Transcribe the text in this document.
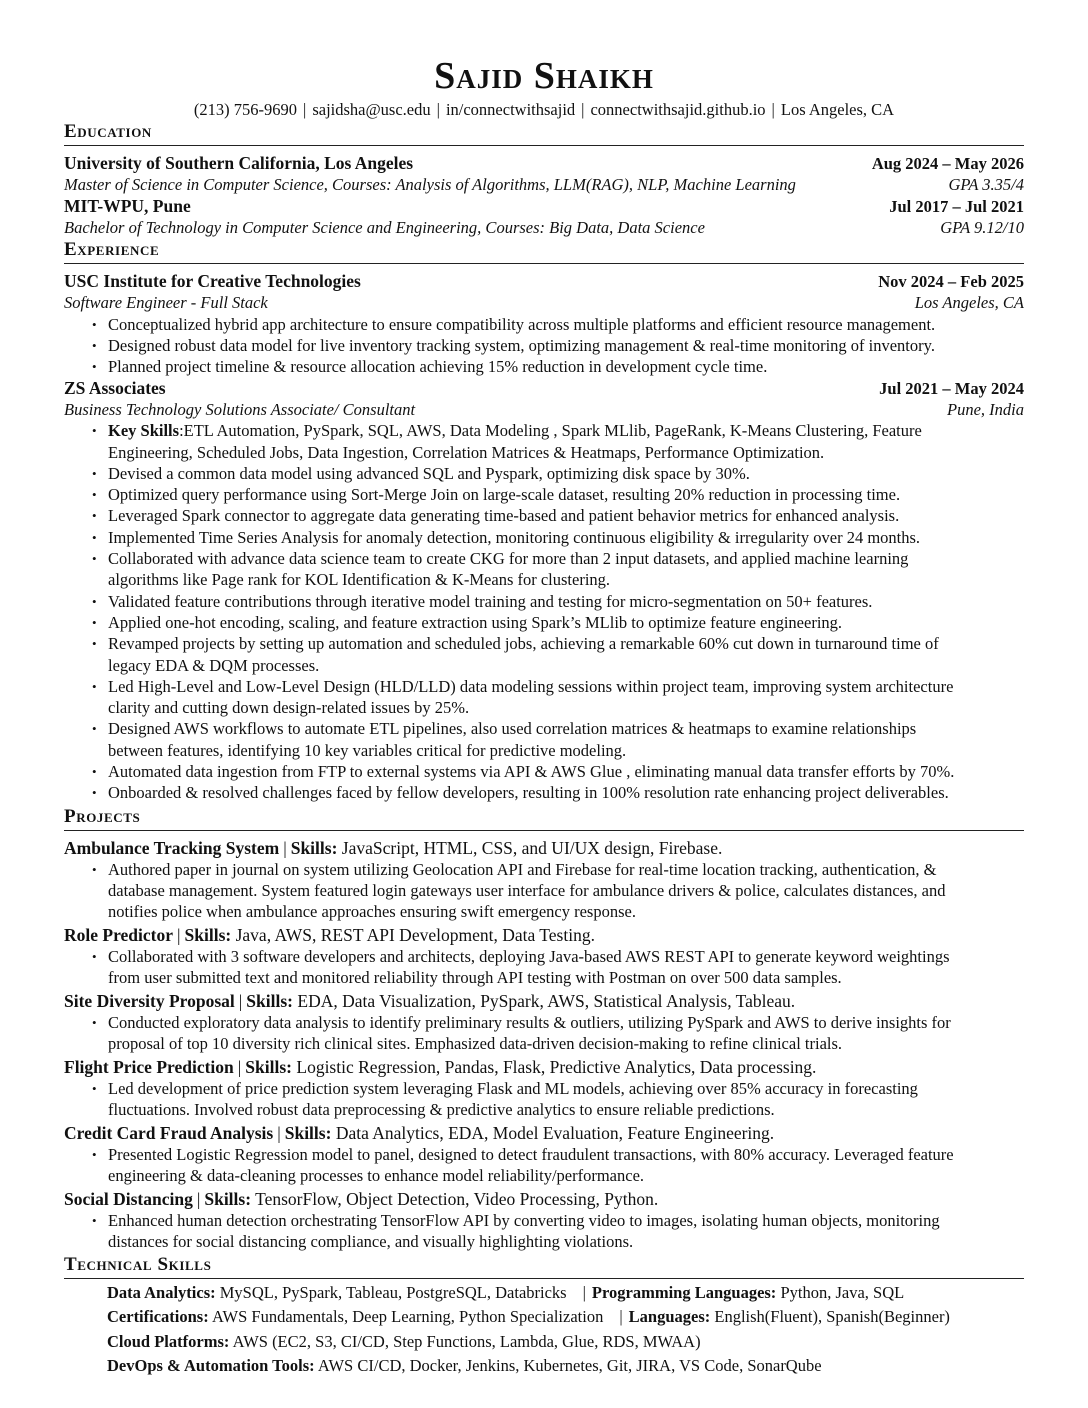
Sajid Shaikh
(213) 756-9690 | sajidsha@usc.edu | in/connectwithsajid | connectwithsajid.github.io | Los Angeles, CA
Education
University of Southern California, Los Angeles	Aug 2024 – May 2026
Master of Science in Computer Science, Courses: Analysis of Algorithms, LLM(RAG), NLP, Machine Learning	GPA 3.35/4
MIT-WPU, Pune	Jul 2017 – Jul 2021
Bachelor of Technology in Computer Science and Engineering, Courses: Big Data, Data Science	GPA 9.12/10
Experience
USC Institute for Creative Technologies	Nov 2024 – Feb 2025
Software Engineer - Full Stack	Los Angeles, CA
• Conceptualized hybrid app architecture to ensure compatibility across multiple platforms and efficient resource management.
• Designed robust data model for live inventory tracking system, optimizing management & real-time monitoring of inventory.
• Planned project timeline & resource allocation achieving 15% reduction in development cycle time.
ZS Associates	Jul 2021 – May 2024
Business Technology Solutions Associate/ Consultant	Pune, India
• Key Skills:ETL Automation, PySpark, SQL, AWS, Data Modeling , Spark MLlib, PageRank, K-Means Clustering, Feature
Engineering, Scheduled Jobs, Data Ingestion, Correlation Matrices & Heatmaps, Performance Optimization.
• Devised a common data model using advanced SQL and Pyspark, optimizing disk space by 30%.
• Optimized query performance using Sort-Merge Join on large-scale dataset, resulting 20% reduction in processing time.
• Leveraged Spark connector to aggregate data generating time-based and patient behavior metrics for enhanced analysis.
• Implemented Time Series Analysis for anomaly detection, monitoring continuous eligibility & irregularity over 24 months.
• Collaborated with advance data science team to create CKG for more than 2 input datasets, and applied machine learning
algorithms like Page rank for KOL Identification & K-Means for clustering.
• Validated feature contributions through iterative model training and testing for micro-segmentation on 50+ features.
• Applied one-hot encoding, scaling, and feature extraction using Spark’s MLlib to optimize feature engineering.
• Revamped projects by setting up automation and scheduled jobs, achieving a remarkable 60% cut down in turnaround time of
legacy EDA & DQM processes.
• Led High-Level and Low-Level Design (HLD/LLD) data modeling sessions within project team, improving system architecture
clarity and cutting down design-related issues by 25%.
• Designed AWS workflows to automate ETL pipelines, also used correlation matrices & heatmaps to examine relationships
between features, identifying 10 key variables critical for predictive modeling.
• Automated data ingestion from FTP to external systems via API & AWS Glue , eliminating manual data transfer efforts by 70%.
• Onboarded & resolved challenges faced by fellow developers, resulting in 100% resolution rate enhancing project deliverables.
Projects
Ambulance Tracking System | Skills: JavaScript, HTML, CSS, and UI/UX design, Firebase.
• Authored paper in journal on system utilizing Geolocation API and Firebase for real-time location tracking, authentication, &
database management. System featured login gateways user interface for ambulance drivers & police, calculates distances, and
notifies police when ambulance approaches ensuring swift emergency response.
Role Predictor | Skills: Java, AWS, REST API Development, Data Testing.
• Collaborated with 3 software developers and architects, deploying Java-based AWS REST API to generate keyword weightings
from user submitted text and monitored reliability through API testing with Postman on over 500 data samples.
Site Diversity Proposal | Skills: EDA, Data Visualization, PySpark, AWS, Statistical Analysis, Tableau.
• Conducted exploratory data analysis to identify preliminary results & outliers, utilizing PySpark and AWS to derive insights for
proposal of top 10 diversity rich clinical sites. Emphasized data-driven decision-making to refine clinical trials.
Flight Price Prediction | Skills: Logistic Regression, Pandas, Flask, Predictive Analytics, Data processing.
• Led development of price prediction system leveraging Flask and ML models, achieving over 85% accuracy in forecasting
fluctuations. Involved robust data preprocessing & predictive analytics to ensure reliable predictions.
Credit Card Fraud Analysis | Skills: Data Analytics, EDA, Model Evaluation, Feature Engineering.
• Presented Logistic Regression model to panel, designed to detect fraudulent transactions, with 80% accuracy. Leveraged feature
engineering & data-cleaning processes to enhance model reliability/performance.
Social Distancing | Skills: TensorFlow, Object Detection, Video Processing, Python.
• Enhanced human detection orchestrating TensorFlow API by converting video to images, isolating human objects, monitoring
distances for social distancing compliance, and visually highlighting violations.
Technical Skills
Data Analytics: MySQL, PySpark, Tableau, PostgreSQL, Databricks | Programming Languages: Python, Java, SQL
Certifications: AWS Fundamentals, Deep Learning, Python Specialization | Languages: English(Fluent), Spanish(Beginner)
Cloud Platforms: AWS (EC2, S3, CI/CD, Step Functions, Lambda, Glue, RDS, MWAA)
DevOps & Automation Tools: AWS CI/CD, Docker, Jenkins, Kubernetes, Git, JIRA, VS Code, SonarQube
